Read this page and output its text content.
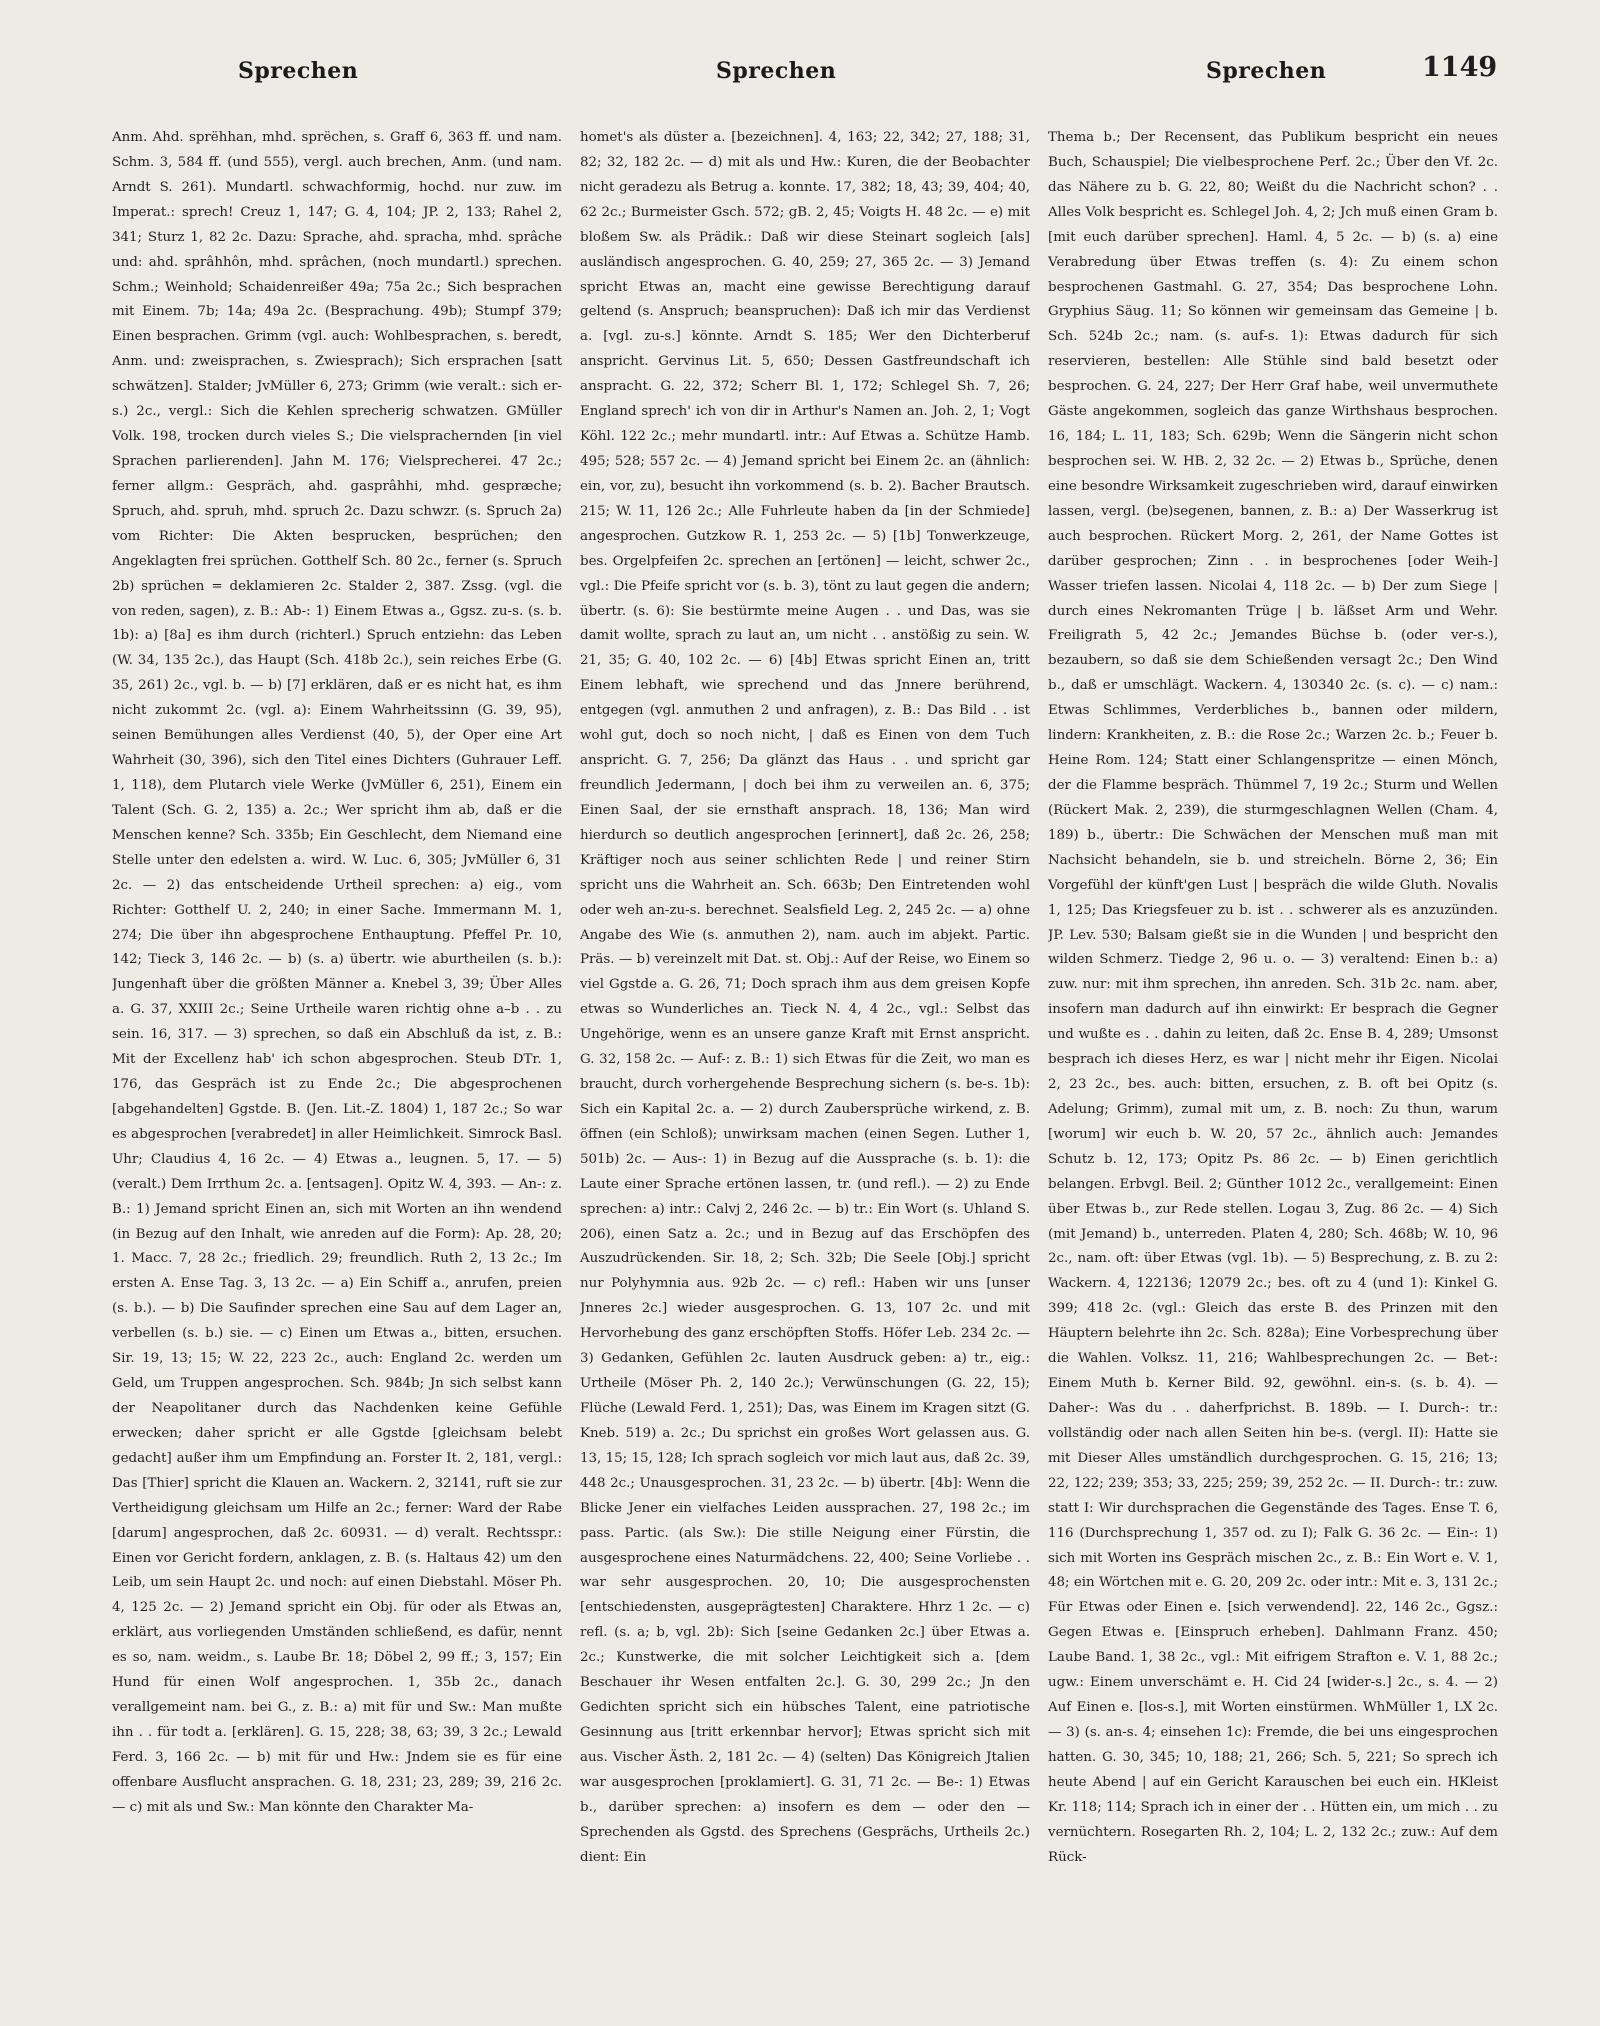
Sprechen	Sprechen	Sprechen	1149

Anm. Ahd. sprëhhan, mhd. sprëchen, s. Graff 6, 363 ff. und nam. Schm. 3, 584 ff. (und 555), vergl. auch brechen, Anm. (und nam. Arndt S. 261). Mundartl. schwachformig, hochd. nur zuw. im Imperat.: sprech! Creuz 1, 147; G. 4, 104; JP. 2, 133; Rahel 2, 341; Sturz 1, 82 2c. Dazu: Sprache, ahd. spracha, mhd. sprâche und: ahd. sprâhhôn, mhd. sprâchen, (noch mundartl.) sprechen. Schm.; Weinhold; Schaidenreißer 49a; 75a 2c.; Sich besprachen mit Einem. 7b; 14a; 49a 2c. (Besprachung. 49b); Stumpf 379; Einen besprachen. Grimm (vgl. auch: Wohlbesprachen, s. beredt, Anm. und: zweisprachen, s. Zwiesprach); Sich ersprachen [satt schwätzen]. Stalder; JvMüller 6, 273; Grimm (wie veralt.: sich er-s.) 2c., vergl.: Sich die Kehlen sprecherig schwatzen. GMüller Volk. 198, trocken durch vieles S.; Die vielsprachernden [in viel Sprachen parlierenden]. Jahn M. 176; Vielsprecherei. 47 2c.; ferner allgm.: Gespräch, ahd. gasprâhhi, mhd. gespræche; Spruch, ahd. spruh, mhd. spruch 2c. Dazu schwzr. (s. Spruch 2a) vom Richter: Die Akten besprucken, besprüchen; den Angeklagten frei sprüchen. Gotthelf Sch. 80 2c., ferner (s. Spruch 2b) sprüchen = deklamieren 2c. Stalder 2, 387. Zssg. (vgl. die von reden, sagen), z. B.: Ab-: 1) Einem Etwas a., Ggsz. zu-s. (s. b. 1b): a) [8a] es ihm durch (richterl.) Spruch entziehn: das Leben (W. 34, 135 2c.), das Haupt (Sch. 418b 2c.), sein reiches Erbe (G. 35, 261) 2c., vgl. b. — b) [7] erklären, daß er es nicht hat, es ihm nicht zukommt 2c. (vgl. a): Einem Wahrheitssinn (G. 39, 95), seinen Bemühungen alles Verdienst (40, 5), der Oper eine Art Wahrheit (30, 396), sich den Titel eines Dichters (Guhrauer Leff. 1, 118), dem Plutarch viele Werke (JvMüller 6, 251), Einem ein Talent (Sch. G. 2, 135) a. 2c.; Wer spricht ihm ab, daß er die Menschen kenne? Sch. 335b; Ein Geschlecht, dem Niemand eine Stelle unter den edelsten a. wird. W. Luc. 6, 305; JvMüller 6, 31 2c. — 2) das entscheidende Urtheil sprechen: a) eig., vom Richter: Gotthelf U. 2, 240; in einer Sache. Immermann M. 1, 274; Die über ihn abgesprochene Enthauptung. Pfeffel Pr. 10, 142; Tieck 3, 146 2c. — b) (s. a) übertr. wie aburtheilen (s. b.): Jungenhaft über die größten Männer a. Knebel 3, 39; Über Alles a. G. 37, XXIII 2c.; Seine Urtheile waren richtig ohne a–b . . zu sein. 16, 317. — 3) sprechen, so daß ein Abschluß da ist, z. B.: Mit der Excellenz hab' ich schon abgesprochen. Steub DTr. 1, 176, das Gespräch ist zu Ende 2c.; Die abgesprochenen [abgehandelten] Ggstde. B. (Jen. Lit.-Z. 1804) 1, 187 2c.; So war es abgesprochen [verabredet] in aller Heimlichkeit. Simrock Basl. Uhr; Claudius 4, 16 2c. — 4) Etwas a., leugnen. 5, 17. — 5) (veralt.) Dem Irrthum 2c. a. [entsagen]. Opitz W. 4, 393. — An-: z. B.: 1) Jemand spricht Einen an, sich mit Worten an ihn wendend (in Bezug auf den Inhalt, wie anreden auf die Form): Ap. 28, 20; 1. Macc. 7, 28 2c.; friedlich. 29; freundlich. Ruth 2, 13 2c.; Im ersten A. Ense Tag. 3, 13 2c. — a) Ein Schiff a., anrufen, preien (s. b.). — b) Die Saufinder sprechen eine Sau auf dem Lager an, verbellen (s. b.) sie. — c) Einen um Etwas a., bitten, ersuchen. Sir. 19, 13; 15; W. 22, 223 2c., auch: England 2c. werden um Geld, um Truppen angesprochen. Sch. 984b; Jn sich selbst kann der Neapolitaner durch das Nachdenken keine Gefühle erwecken; daher spricht er alle Ggstde [gleichsam belebt gedacht] außer ihm um Empfindung an. Forster It. 2, 181, vergl.: Das [Thier] spricht die Klauen an. Wackern. 2, 32141, ruft sie zur Vertheidigung gleichsam um Hilfe an 2c.; ferner: Ward der Rabe [darum] angesprochen, daß 2c. 60931. — d) veralt. Rechtsspr.: Einen vor Gericht fordern, anklagen, z. B. (s. Haltaus 42) um den Leib, um sein Haupt 2c. und noch: auf einen Diebstahl. Möser Ph. 4, 125 2c. — 2) Jemand spricht ein Obj. für oder als Etwas an, erklärt, aus vorliegenden Umständen schließend, es dafür, nennt es so, nam. weidm., s. Laube Br. 18; Döbel 2, 99 ff.; 3, 157; Ein Hund für einen Wolf angesprochen. 1, 35b 2c., danach verallgemeint nam. bei G., z. B.: a) mit für und Sw.: Man mußte ihn . . für todt a. [erklären]. G. 15, 228; 38, 63; 39, 3 2c.; Lewald Ferd. 3, 166 2c. — b) mit für und Hw.: Jndem sie es für eine offenbare Ausflucht ansprachen. G. 18, 231; 23, 289; 39, 216 2c. — c) mit als und Sw.: Man könnte den Charakter Ma-

homet's als düster a. [bezeichnen]. 4, 163; 22, 342; 27, 188; 31, 82; 32, 182 2c. — d) mit als und Hw.: Kuren, die der Beobachter nicht geradezu als Betrug a. konnte. 17, 382; 18, 43; 39, 404; 40, 62 2c.; Burmeister Gsch. 572; gB. 2, 45; Voigts H. 48 2c. — e) mit bloßem Sw. als Prädik.: Daß wir diese Steinart sogleich [als] ausländisch angesprochen. G. 40, 259; 27, 365 2c. — 3) Jemand spricht Etwas an, macht eine gewisse Berechtigung darauf geltend (s. Anspruch; beanspruchen): Daß ich mir das Verdienst a. [vgl. zu-s.] könnte. Arndt S. 185; Wer den Dichterberuf anspricht. Gervinus Lit. 5, 650; Dessen Gastfreundschaft ich anspracht. G. 22, 372; Scherr Bl. 1, 172; Schlegel Sh. 7, 26; England sprech' ich von dir in Arthur's Namen an. Joh. 2, 1; Vogt Köhl. 122 2c.; mehr mundartl. intr.: Auf Etwas a. Schütze Hamb. 495; 528; 557 2c. — 4) Jemand spricht bei Einem 2c. an (ähnlich: ein, vor, zu), besucht ihn vorkommend (s. b. 2). Bacher Brautsch. 215; W. 11, 126 2c.; Alle Fuhrleute haben da [in der Schmiede] angesprochen. Gutzkow R. 1, 253 2c. — 5) [1b] Tonwerkzeuge, bes. Orgelpfeifen 2c. sprechen an [ertönen] — leicht, schwer 2c., vgl.: Die Pfeife spricht vor (s. b. 3), tönt zu laut gegen die andern; übertr. (s. 6): Sie bestürmte meine Augen . . und Das, was sie damit wollte, sprach zu laut an, um nicht . . anstößig zu sein. W. 21, 35; G. 40, 102 2c. — 6) [4b] Etwas spricht Einen an, tritt Einem lebhaft, wie sprechend und das Jnnere berührend, entgegen (vgl. anmuthen 2 und anfragen), z. B.: Das Bild . . ist wohl gut, doch so noch nicht, | daß es Einen von dem Tuch anspricht. G. 7, 256; Da glänzt das Haus . . und spricht gar freundlich Jedermann, | doch bei ihm zu verweilen an. 6, 375; Einen Saal, der sie ernsthaft ansprach. 18, 136; Man wird hierdurch so deutlich angesprochen [erinnert], daß 2c. 26, 258; Kräftiger noch aus seiner schlichten Rede | und reiner Stirn spricht uns die Wahrheit an. Sch. 663b; Den Eintretenden wohl oder weh an-zu-s. berechnet. Sealsfield Leg. 2, 245 2c. — a) ohne Angabe des Wie (s. anmuthen 2), nam. auch im abjekt. Partic. Präs. — b) vereinzelt mit Dat. st. Obj.: Auf der Reise, wo Einem so viel Ggstde a. G. 26, 71; Doch sprach ihm aus dem greisen Kopfe etwas so Wunderliches an. Tieck N. 4, 4 2c., vgl.: Selbst das Ungehörige, wenn es an unsere ganze Kraft mit Ernst anspricht. G. 32, 158 2c. — Auf-: z. B.: 1) sich Etwas für die Zeit, wo man es braucht, durch vorhergehende Besprechung sichern (s. be-s. 1b): Sich ein Kapital 2c. a. — 2) durch Zaubersprüche wirkend, z. B. öffnen (ein Schloß); unwirksam machen (einen Segen. Luther 1, 501b) 2c. — Aus-: 1) in Bezug auf die Aussprache (s. b. 1): die Laute einer Sprache ertönen lassen, tr. (und refl.). — 2) zu Ende sprechen: a) intr.: Calvj 2, 246 2c. — b) tr.: Ein Wort (s. Uhland S. 206), einen Satz a. 2c.; und in Bezug auf das Erschöpfen des Auszudrückenden. Sir. 18, 2; Sch. 32b; Die Seele [Obj.] spricht nur Polyhymnia aus. 92b 2c. — c) refl.: Haben wir uns [unser Jnneres 2c.] wieder ausgesprochen. G. 13, 107 2c. und mit Hervorhebung des ganz erschöpften Stoffs. Höfer Leb. 234 2c. — 3) Gedanken, Gefühlen 2c. lauten Ausdruck geben: a) tr., eig.: Urtheile (Möser Ph. 2, 140 2c.); Verwünschungen (G. 22, 15); Flüche (Lewald Ferd. 1, 251); Das, was Einem im Kragen sitzt (G. Kneb. 519) a. 2c.; Du sprichst ein großes Wort gelassen aus. G. 13, 15; 15, 128; Ich sprach sogleich vor mich laut aus, daß 2c. 39, 448 2c.; Unausgesprochen. 31, 23 2c. — b) übertr. [4b]: Wenn die Blicke Jener ein vielfaches Leiden aussprachen. 27, 198 2c.; im pass. Partic. (als Sw.): Die stille Neigung einer Fürstin, die ausgesprochene eines Naturmädchens. 22, 400; Seine Vorliebe . . war sehr ausgesprochen. 20, 10; Die ausgesprochensten [entschiedensten, ausgeprägtesten] Charaktere. Hhrz 1 2c. — c) refl. (s. a; b, vgl. 2b): Sich [seine Gedanken 2c.] über Etwas a. 2c.; Kunstwerke, die mit solcher Leichtigkeit sich a. [dem Beschauer ihr Wesen entfalten 2c.]. G. 30, 299 2c.; Jn den Gedichten spricht sich ein hübsches Talent, eine patriotische Gesinnung aus [tritt erkennbar hervor]; Etwas spricht sich mit aus. Vischer Ästh. 2, 181 2c. — 4) (selten) Das Königreich Jtalien war ausgesprochen [proklamiert]. G. 31, 71 2c. — Be-: 1) Etwas b., darüber sprechen: a) insofern es dem — oder den — Sprechenden als Ggstd. des Sprechens (Gesprächs, Urtheils 2c.) dient: Ein

Thema b.; Der Recensent, das Publikum bespricht ein neues Buch, Schauspiel; Die vielbesprochene Perf. 2c.; Über den Vf. 2c. das Nähere zu b. G. 22, 80; Weißt du die Nachricht schon? . . Alles Volk bespricht es. Schlegel Joh. 4, 2; Jch muß einen Gram b. [mit euch darüber sprechen]. Haml. 4, 5 2c. — b) (s. a) eine Verabredung über Etwas treffen (s. 4): Zu einem schon besprochenen Gastmahl. G. 27, 354; Das besprochene Lohn. Gryphius Säug. 11; So können wir gemeinsam das Gemeine | b. Sch. 524b 2c.; nam. (s. auf-s. 1): Etwas dadurch für sich reservieren, bestellen: Alle Stühle sind bald besetzt oder besprochen. G. 24, 227; Der Herr Graf habe, weil unvermuthete Gäste angekommen, sogleich das ganze Wirthshaus besprochen. 16, 184; L. 11, 183; Sch. 629b; Wenn die Sängerin nicht schon besprochen sei. W. HB. 2, 32 2c. — 2) Etwas b., Sprüche, denen eine besondre Wirksamkeit zugeschrieben wird, darauf einwirken lassen, vergl. (be)segenen, bannen, z. B.: a) Der Wasserkrug ist auch besprochen. Rückert Morg. 2, 261, der Name Gottes ist darüber gesprochen; Zinn . . in besprochenes [oder Weih-] Wasser triefen lassen. Nicolai 4, 118 2c. — b) Der zum Siege | durch eines Nekromanten Trüge | b. läßset Arm und Wehr. Freiligrath 5, 42 2c.; Jemandes Büchse b. (oder ver-s.), bezaubern, so daß sie dem Schießenden versagt 2c.; Den Wind b., daß er umschlägt. Wackern. 4, 130340 2c. (s. c). — c) nam.: Etwas Schlimmes, Verderbliches b., bannen oder mildern, lindern: Krankheiten, z. B.: die Rose 2c.; Warzen 2c. b.; Feuer b. Heine Rom. 124; Statt einer Schlangenspritze — einen Mönch, der die Flamme bespräch. Thümmel 7, 19 2c.; Sturm und Wellen (Rückert Mak. 2, 239), die sturmgeschlagnen Wellen (Cham. 4, 189) b., übertr.: Die Schwächen der Menschen muß man mit Nachsicht behandeln, sie b. und streicheln. Börne 2, 36; Ein Vorgefühl der künft'gen Lust | bespräch die wilde Gluth. Novalis 1, 125; Das Kriegsfeuer zu b. ist . . schwerer als es anzuzünden. JP. Lev. 530; Balsam gießt sie in die Wunden | und bespricht den wilden Schmerz. Tiedge 2, 96 u. o. — 3) veraltend: Einen b.: a) zuw. nur: mit ihm sprechen, ihn anreden. Sch. 31b 2c. nam. aber, insofern man dadurch auf ihn einwirkt: Er besprach die Gegner und wußte es . . dahin zu leiten, daß 2c. Ense B. 4, 289; Umsonst besprach ich dieses Herz, es war | nicht mehr ihr Eigen. Nicolai 2, 23 2c., bes. auch: bitten, ersuchen, z. B. oft bei Opitz (s. Adelung; Grimm), zumal mit um, z. B. noch: Zu thun, warum [worum] wir euch b. W. 20, 57 2c., ähnlich auch: Jemandes Schutz b. 12, 173; Opitz Ps. 86 2c. — b) Einen gerichtlich belangen. Erbvgl. Beil. 2; Günther 1012 2c., verallgemeint: Einen über Etwas b., zur Rede stellen. Logau 3, Zug. 86 2c. — 4) Sich (mit Jemand) b., unterreden. Platen 4, 280; Sch. 468b; W. 10, 96 2c., nam. oft: über Etwas (vgl. 1b). — 5) Besprechung, z. B. zu 2: Wackern. 4, 122136; 12079 2c.; bes. oft zu 4 (und 1): Kinkel G. 399; 418 2c. (vgl.: Gleich das erste B. des Prinzen mit den Häuptern belehrte ihn 2c. Sch. 828a); Eine Vorbesprechung über die Wahlen. Volksz. 11, 216; Wahlbesprechungen 2c. — Bet-: Einem Muth b. Kerner Bild. 92, gewöhnl. ein-s. (s. b. 4). — Daher-: Was du . . daherfprichst. B. 189b. — I. Durch-: tr.: vollständig oder nach allen Seiten hin be-s. (vergl. II): Hatte sie mit Dieser Alles umständlich durchgesprochen. G. 15, 216; 13; 22, 122; 239; 353; 33, 225; 259; 39, 252 2c. — II. Durch-: tr.: zuw. statt I: Wir durchsprachen die Gegenstände des Tages. Ense T. 6, 116 (Durchsprechung 1, 357 od. zu I); Falk G. 36 2c. — Ein-: 1) sich mit Worten ins Gespräch mischen 2c., z. B.: Ein Wort e. V. 1, 48; ein Wörtchen mit e. G. 20, 209 2c. oder intr.: Mit e. 3, 131 2c.; Für Etwas oder Einen e. [sich verwendend]. 22, 146 2c., Ggsz.: Gegen Etwas e. [Einspruch erheben]. Dahlmann Franz. 450; Laube Band. 1, 38 2c., vgl.: Mit eifrigem Strafton e. V. 1, 88 2c.; ugw.: Einem unverschämt e. H. Cid 24 [wider-s.] 2c., s. 4. — 2) Auf Einen e. [los-s.], mit Worten einstürmen. WhMüller 1, LX 2c. — 3) (s. an-s. 4; einsehen 1c): Fremde, die bei uns eingesprochen hatten. G. 30, 345; 10, 188; 21, 266; Sch. 5, 221; So sprech ich heute Abend | auf ein Gericht Karauschen bei euch ein. HKleist Kr. 118; 114; Sprach ich in einer der . . Hütten ein, um mich . . zu vernüchtern. Rosegarten Rh. 2, 104; L. 2, 132 2c.; zuw.: Auf dem Rück-
